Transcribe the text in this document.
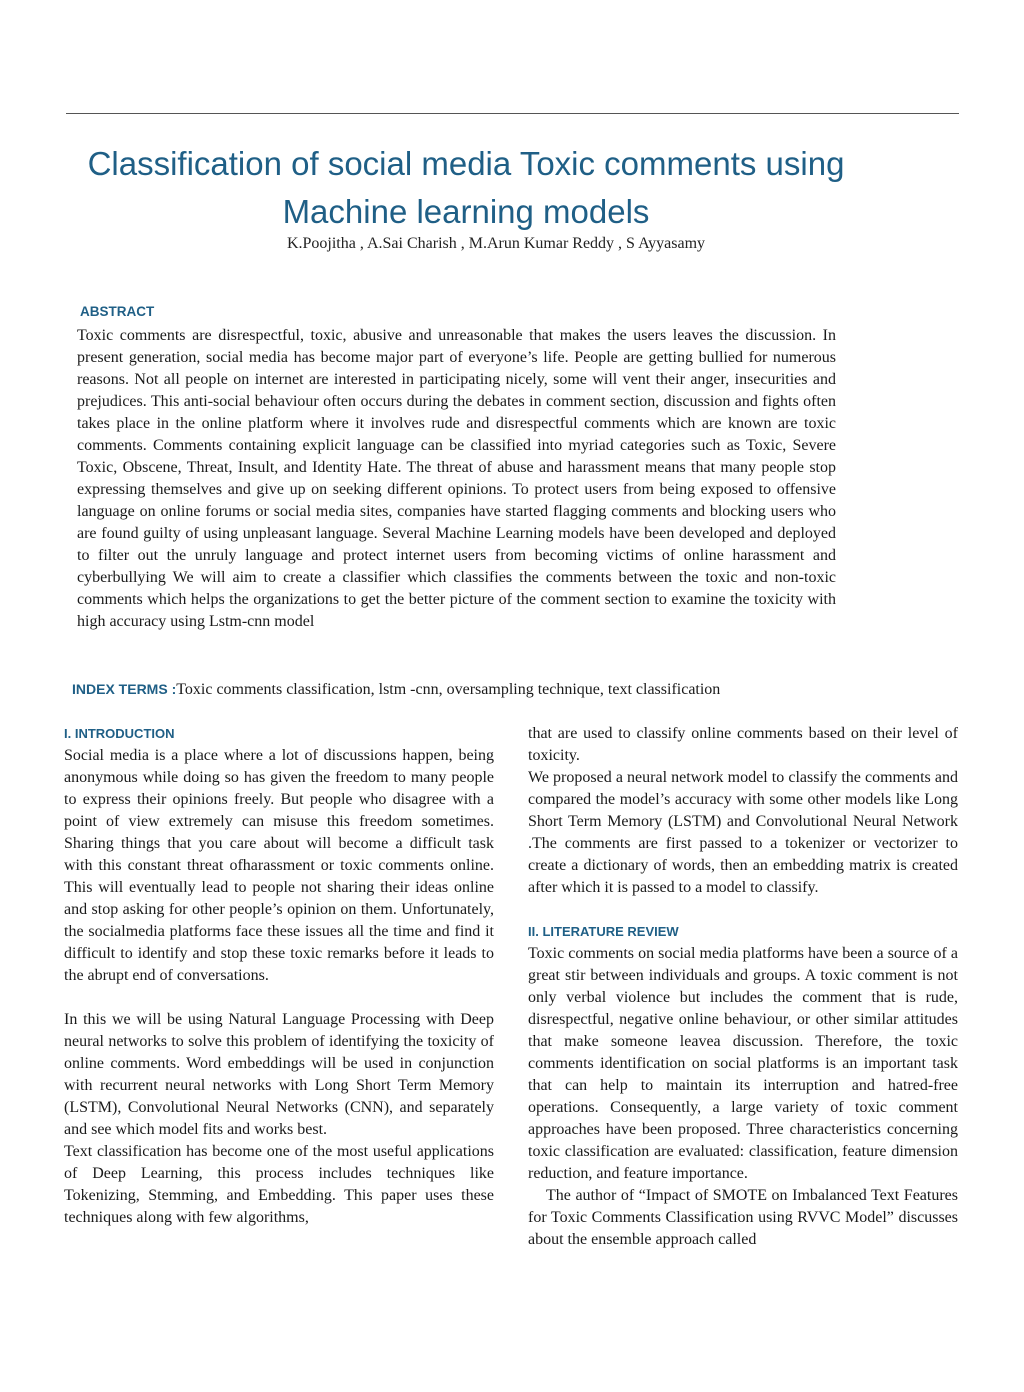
Classification of social media Toxic comments using Machine learning models
K.Poojitha , A.Sai Charish , M.Arun Kumar Reddy , S Ayyasamy
ABSTRACT

Toxic comments are disrespectful, toxic, abusive and unreasonable that makes the users leaves the discussion. In present generation, social media has become major part of everyone’s life. People are getting bullied for numerous reasons. Not all people on internet are interested in participating nicely, some will vent their anger, insecurities and prejudices. This anti-social behaviour often occurs during the debates in comment section, discussion and fights often takes place in the online platform where it involves rude and disrespectful comments which are known are toxic comments. Comments containing explicit language can be classified into myriad categories such as Toxic, Severe Toxic, Obscene, Threat, Insult, and Identity Hate. The threat of abuse and harassment means that many people stop expressing themselves and give up on seeking different opinions. To protect users from being exposed to offensive language on online forums or social media sites, companies have started flagging comments and blocking users who are found guilty of using unpleasant language. Several Machine Learning models have been developed and deployed to filter out the unruly language and protect internet users from becoming victims of online harassment and cyberbullying We will aim to create a classifier which classifies the comments between the toxic and non-toxic comments which helps the organizations to get the better picture of the comment section to examine the toxicity with high accuracy using Lstm-cnn model

INDEX TERMS :Toxic comments classification, lstm -cnn, oversampling technique, text classification
I. INTRODUCTION

Social media is a place where a lot of discussions happen, being anonymous while doing so has given the freedom to many people to express their opinions freely. But people who disagree with a point of view extremely can misuse this freedom sometimes. Sharing things that you care about will become a difficult task with this constant threat ofharassment or toxic comments online. This will eventually lead to people not sharing their ideas online and stop asking for other people’s opinion on them. Unfortunately, the socialmedia platforms face these issues all the time and find it difficult to identify and stop these toxic remarks before it leads to the abrupt end of conversations.

In this we will be using Natural Language Processing with Deep neural networks to solve this problem of identifying the toxicity of online comments. Word embeddings will be used in conjunction with recurrent neural networks with Long Short Term Memory (LSTM), Convolutional Neural Networks (CNN), and separately and see which model fits and works best.

Text classification has become one of the most useful applications of Deep Learning, this process includes techniques like Tokenizing, Stemming, and Embedding. This paper uses these techniques along with few algorithms,

that are used to classify online comments based on their level of toxicity.

We proposed a neural network model to classify the comments and compared the model’s accuracy with some other models like Long Short Term Memory (LSTM) and Convolutional Neural Network .The comments are first passed to a tokenizer or vectorizer to create a dictionary of words, then an embedding matrix is created after which it is passed to a model to classify.

II. LITERATURE REVIEW

Toxic comments on social media platforms have been a source of a great stir between individuals and groups. A toxic comment is not only verbal violence but includes the comment that is rude, disrespectful, negative online behaviour, or other similar attitudes that make someone leavea discussion. Therefore, the toxic comments identification on social platforms is an important task that can help to maintain its interruption and hatred-free operations. Consequently, a large variety of toxic comment approaches have been proposed. Three characteristics concerning toxic classification are evaluated: classification, feature dimension reduction, and feature importance.

The author of “Impact of SMOTE on Imbalanced Text Features for Toxic Comments Classification using RVVC Model” discusses about the ensemble approach called
